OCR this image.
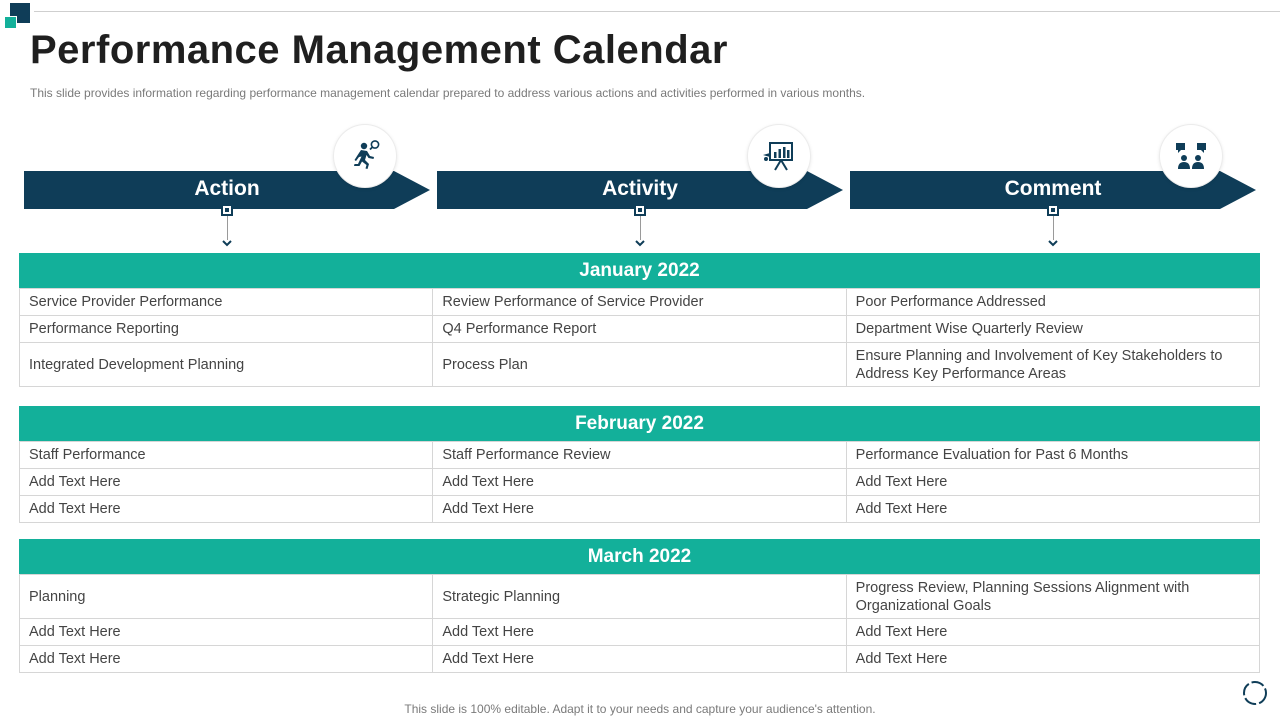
Performance Management Calendar

This slide provides information regarding performance management calendar prepared to address various actions and activities performed in various months.

Action	Activity	Comment
January 2022
Service Provider Performance	Review Performance of Service Provider	Poor Performance Addressed
Performance Reporting	Q4 Performance Report	Department Wise Quarterly Review
Integrated Development Planning	Process Plan	Ensure Planning and Involvement of Key Stakeholders to Address Key Performance Areas
February 2022
Staff Performance	Staff Performance Review	Performance Evaluation for Past 6 Months
Add Text Here	Add Text Here	Add Text Here
Add Text Here	Add Text Here	Add Text Here
March 2022
Planning	Strategic Planning	Progress Review, Planning Sessions Alignment with Organizational Goals
Add Text Here	Add Text Here	Add Text Here
Add Text Here	Add Text Here	Add Text Here
This slide is 100% editable. Adapt it to your needs and capture your audience's attention.
